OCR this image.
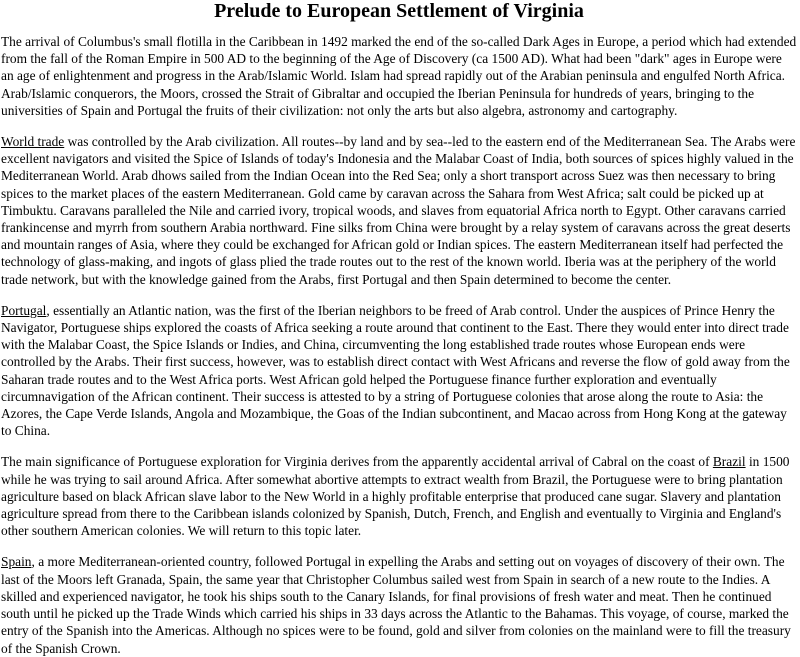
Prelude to European Settlement of Virginia

The arrival of Columbus's small flotilla in the Caribbean in 1492 marked the end of the so-called Dark Ages in Europe, a period which had extended from the fall of the Roman Empire in 500 AD to the beginning of the Age of Discovery (ca 1500 AD). What had been "dark" ages in Europe were an age of enlightenment and progress in the Arab/Islamic World. Islam had spread rapidly out of the Arabian peninsula and engulfed North Africa. Arab/Islamic conquerors, the Moors, crossed the Strait of Gibraltar and occupied the Iberian Peninsula for hundreds of years, bringing to the universities of Spain and Portugal the fruits of their civilization: not only the arts but also algebra, astronomy and cartography.

World trade was controlled by the Arab civilization. All routes--by land and by sea--led to the eastern end of the Mediterranean Sea. The Arabs were excellent navigators and visited the Spice of Islands of today's Indonesia and the Malabar Coast of India, both sources of spices highly valued in the Mediterranean World. Arab dhows sailed from the Indian Ocean into the Red Sea; only a short transport across Suez was then necessary to bring spices to the market places of the eastern Mediterranean. Gold came by caravan across the Sahara from West Africa; salt could be picked up at Timbuktu. Caravans paralleled the Nile and carried ivory, tropical woods, and slaves from equatorial Africa north to Egypt. Other caravans carried frankincense and myrrh from southern Arabia northward. Fine silks from China were brought by a relay system of caravans across the great deserts and mountain ranges of Asia, where they could be exchanged for African gold or Indian spices. The eastern Mediterranean itself had perfected the technology of glass-making, and ingots of glass plied the trade routes out to the rest of the known world. Iberia was at the periphery of the world trade network, but with the knowledge gained from the Arabs, first Portugal and then Spain determined to become the center.

Portugal, essentially an Atlantic nation, was the first of the Iberian neighbors to be freed of Arab control. Under the auspices of Prince Henry the Navigator, Portuguese ships explored the coasts of Africa seeking a route around that continent to the East. There they would enter into direct trade with the Malabar Coast, the Spice Islands or Indies, and China, circumventing the long established trade routes whose European ends were controlled by the Arabs. Their first success, however, was to establish direct contact with West Africans and reverse the flow of gold away from the Saharan trade routes and to the West Africa ports. West African gold helped the Portuguese finance further exploration and eventually circumnavigation of the African continent. Their success is attested to by a string of Portuguese colonies that arose along the route to Asia: the Azores, the Cape Verde Islands, Angola and Mozambique, the Goas of the Indian subcontinent, and Macao across from Hong Kong at the gateway to China.

The main significance of Portuguese exploration for Virginia derives from the apparently accidental arrival of Cabral on the coast of Brazil in 1500 while he was trying to sail around Africa. After somewhat abortive attempts to extract wealth from Brazil, the Portuguese were to bring plantation agriculture based on black African slave labor to the New World in a highly profitable enterprise that produced cane sugar. Slavery and plantation agriculture spread from there to the Caribbean islands colonized by Spanish, Dutch, French, and English and eventually to Virginia and England's other southern American colonies. We will return to this topic later.

Spain, a more Mediterranean-oriented country, followed Portugal in expelling the Arabs and setting out on voyages of discovery of their own. The last of the Moors left Granada, Spain, the same year that Christopher Columbus sailed west from Spain in search of a new route to the Indies. A skilled and experienced navigator, he took his ships south to the Canary Islands, for final provisions of fresh water and meat. Then he continued south until he picked up the Trade Winds which carried his ships in 33 days across the Atlantic to the Bahamas. This voyage, of course, marked the entry of the Spanish into the Americas. Although no spices were to be found, gold and silver from colonies on the mainland were to fill the treasury of the Spanish Crown.
